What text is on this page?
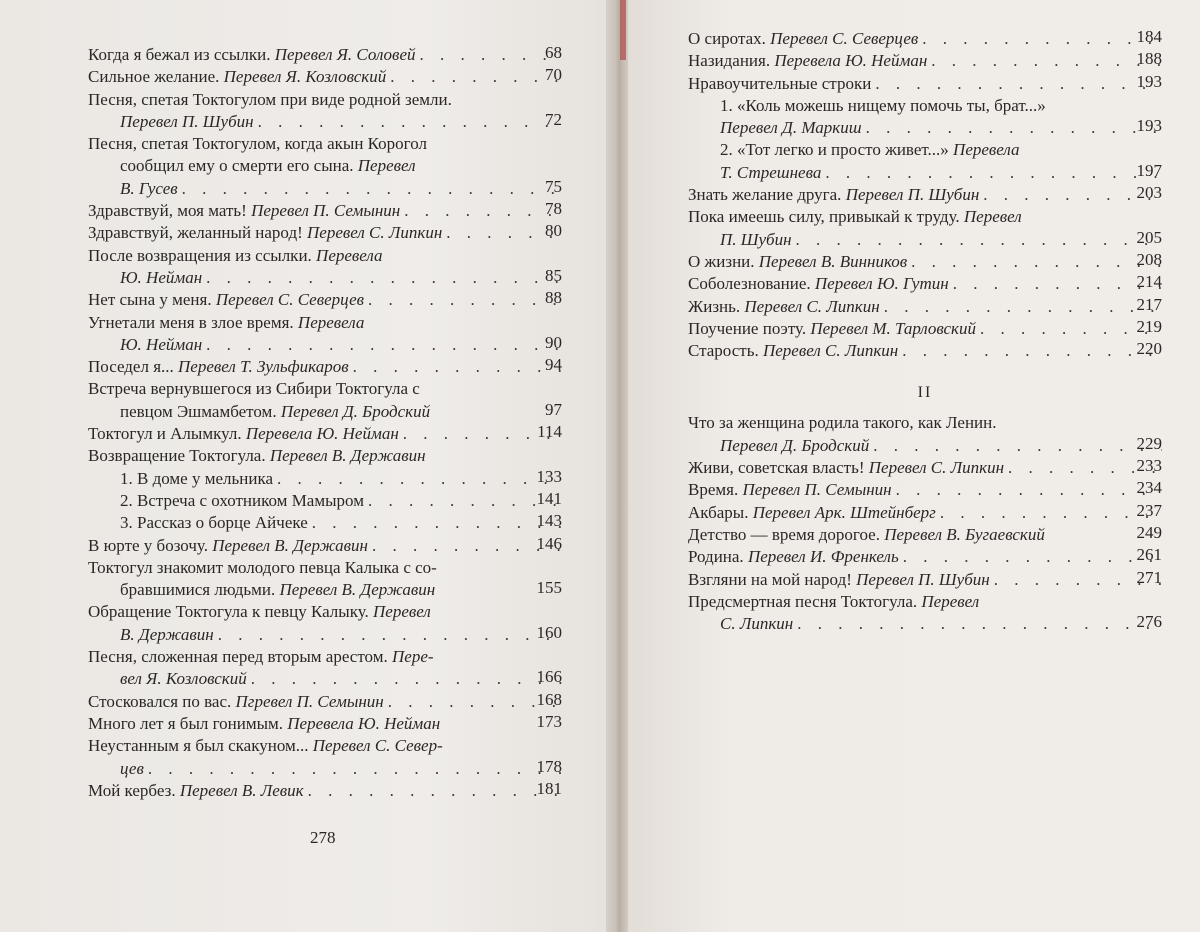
Когда я бежал из ссылки. Перевел Я. Соловей . . .	68
Сильное желание. Перевел Я. Козловский . . .	70
Песня, спетая Токтогулом при виде родной земли.
Перевел П. Шубин . . .	72
Песня, спетая Токтогулом, когда акын Корогол
сообщил ему о смерти его сына. Перевел
В. Гусев . . .	75
Здравствуй, моя мать! Перевел П. Семынин . . .	78
Здравствуй, желанный народ! Перевел С. Липкин . . .	80
После возвращения из ссылки. Перевела
Ю. Нейман . . .	85
Нет сына у меня. Перевел С. Северцев . . .	88
Угнетали меня в злое время. Перевела
Ю. Нейман . . .	90
Поседел я... Перевел Т. Зульфикаров . . .	94
Встреча вернувшегося из Сибири Токтогула с
певцом Эшмамбетом. Перевел Д. Бродский	97
Токтогул и Алымкул. Перевела Ю. Нейман . . .	114
Возвращение Токтогула. Перевел В. Державин
1. В доме у мельника . . .	133
2. Встреча с охотником Мамыром . . .	141
3. Рассказ о борце Айчеке . . .	143
В юрте у бозочу. Перевел В. Державин . . .	146
Токтогул знакомит молодого певца Калыка с со-
бравшимися людьми. Перевел В. Державин	155
Обращение Токтогула к певцу Калыку. Перевел
В. Державин . . .	160
Песня, сложенная перед вторым арестом. Пере-
вел Я. Козловский . . .	166
Стосковался по вас. Пгревел П. Семынин . . .	168
Много лет я был гонимым. Перевела Ю. Нейман	173
Неустанным я был скакуном... Перевел С. Север-
цев . . .	178
Мой кербез. Перевел В. Левик . . .	181
278
О сиротах. Перевел С. Северцев . . .	184
Назидания. Перевела Ю. Нейман . . .	188
Нравоучительные строки . . .	193
1. «Коль можешь нищему помочь ты, брат...»
Перевел Д. Маркиш . . .	193
2. «Тот легко и просто живет...» Перевела
Т. Стрешнева . . .	197
Знать желание друга. Перевел П. Шубин . . .	203
Пока имеешь силу, привыкай к труду. Перевел
П. Шубин . . .	205
О жизни. Перевел В. Винников . . .	208
Соболезнование. Перевел Ю. Гутин . . .	214
Жизнь. Перевел С. Липкин . . .	217
Поучение поэту. Перевел М. Тарловский . . .	219
Старость. Перевел С. Липкин . . .	220
II
Что за женщина родила такого, как Ленин.
Перевел Д. Бродский . . .	229
Живи, советская власть! Перевел С. Липкин . . .	233
Время. Перевел П. Семынин . . .	234
Акбары. Перевел Арк. Штейнберг . . .	237
Детство — время дорогое. Перевел В. Бугаевский	249
Родина. Перевел И. Френкель . . .	261
Взгляни на мой народ! Перевел П. Шубин . . .	271
Предсмертная песня Токтогула. Перевел
С. Липкин . . .	276
